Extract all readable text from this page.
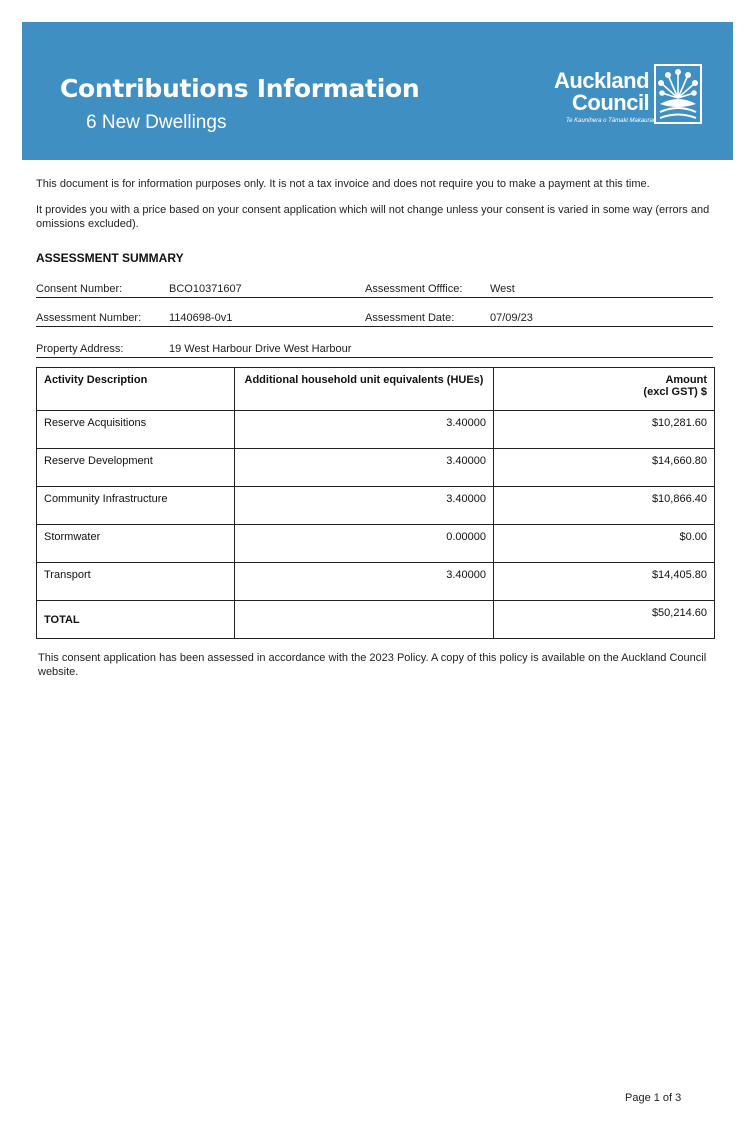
Contributions Information
6 New Dwellings
Auckland
Council
Te Kaunihera o Tāmaki Makaurau

This document is for information purposes only. It is not a tax invoice and does not require you to make a payment at this time.

It provides you with a price based on your consent application which will not change unless your consent is varied in some way (errors and omissions excluded).

ASSESSMENT SUMMARY
Consent Number:	BCO10371607	Assessment Offfice:	West
Assessment Number:	1140698-0v1	Assessment Date:	07/09/23
Property Address:	19 West Harbour Drive West Harbour
Activity Description	Additional household unit equivalents (HUEs)	Amount
(excl GST) $
Reserve Acquisitions	3.40000	$10,281.60
Reserve Development	3.40000	$14,660.80
Community Infrastructure	3.40000	$10,866.40
Stormwater	0.00000	$0.00
Transport	3.40000	$14,405.80
TOTAL		$50,214.60

This consent application has been assessed in accordance with the 2023 Policy. A copy of this policy is available on the Auckland Council website.

Page 1 of 3
